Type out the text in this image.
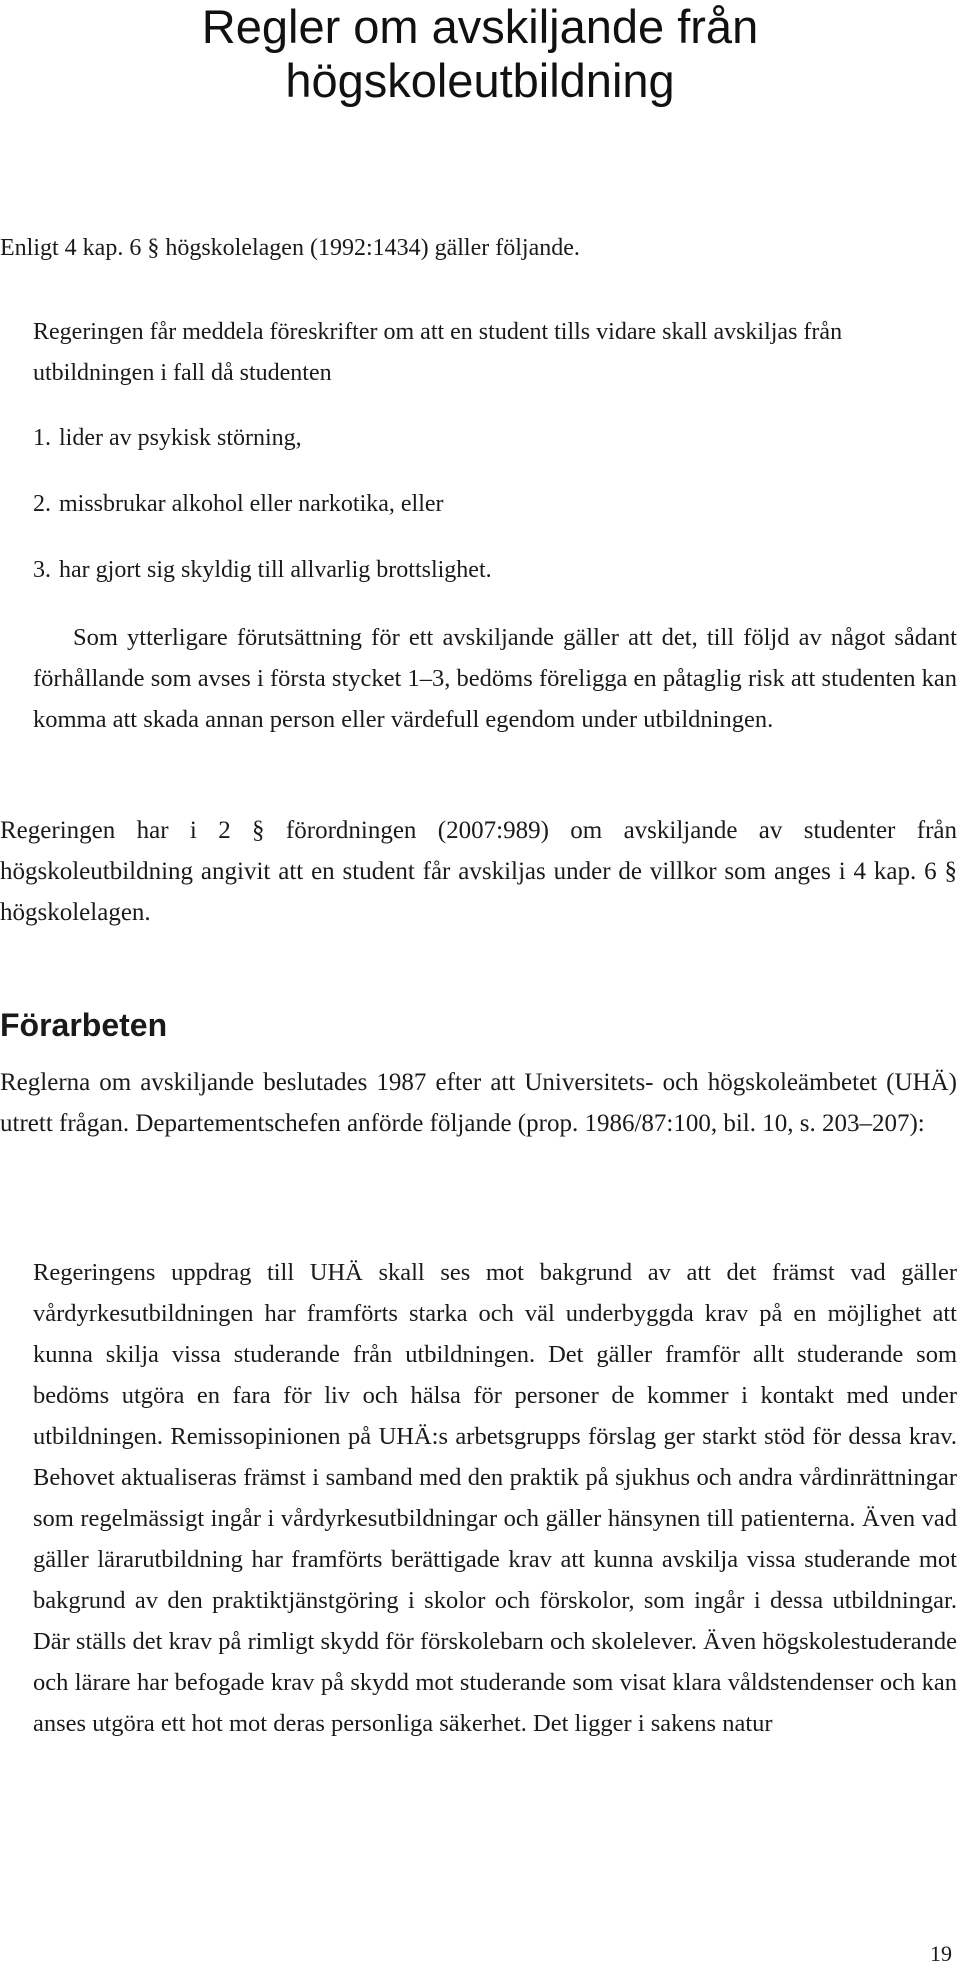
Regler om avskiljande från högskoleutbildning

Enligt 4 kap. 6 § högskolelagen (1992:1434) gäller följande.

Regeringen får meddela föreskrifter om att en student tills vidare skall avskiljas från utbildningen i fall då studenten

1. lider av psykisk störning,
2. missbrukar alkohol eller narkotika, eller
3. har gjort sig skyldig till allvarlig brottslighet.

Som ytterligare förutsättning för ett avskiljande gäller att det, till följd av något sådant förhållande som avses i första stycket 1–3, bedöms föreligga en påtaglig risk att studenten kan komma att skada annan person eller värdefull egendom under utbildningen.

Regeringen har i 2 § förordningen (2007:989) om avskiljande av studenter från högskoleutbildning angivit att en student får avskiljas under de villkor som anges i 4 kap. 6 § högskolelagen.

Förarbeten

Reglerna om avskiljande beslutades 1987 efter att Universitets- och högskoleämbetet (UHÄ) utrett frågan. Departementschefen anförde följande (prop. 1986/87:100, bil. 10, s. 203–207):

Regeringens uppdrag till UHÄ skall ses mot bakgrund av att det främst vad gäller vårdyrkesutbildningen har framförts starka och väl underbyggda krav på en möjlighet att kunna skilja vissa studerande från utbildningen. Det gäller framför allt studerande som bedöms utgöra en fara för liv och hälsa för personer de kommer i kontakt med under utbildningen. Remissopinionen på UHÄ:s arbetsgrupps förslag ger starkt stöd för dessa krav. Behovet aktualiseras främst i samband med den praktik på sjukhus och andra vårdinrättningar som regelmässigt ingår i vårdyrkesutbildningar och gäller hänsynen till patienterna. Även vad gäller lärarutbildning har framförts berättigade krav att kunna avskilja vissa studerande mot bakgrund av den praktiktjänstgöring i skolor och förskolor, som ingår i dessa utbildningar. Där ställs det krav på rimligt skydd för förskolebarn och skolelever. Även högskolestuderande och lärare har befogade krav på skydd mot studerande som visat klara våldstendenser och kan anses utgöra ett hot mot deras personliga säkerhet. Det ligger i sakens natur

19
